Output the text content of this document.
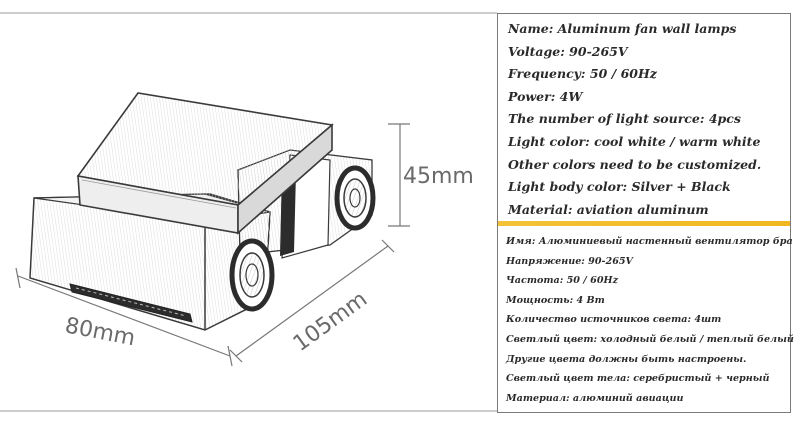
45mm
80mm	105mm
Name: Aluminum fan wall lamps
Voltage: 90-265V
Frequency: 50 / 60Hz
Power: 4W
The number of light source: 4pcs
Light color: cool white / warm white
Other colors need to be customized.
Light body color: Silver + Black
Material: aviation aluminum
Имя: Алюминиевый настенный вентилятор бра
Напряжение: 90-265V
Частота: 50 / 60Hz
Мощность: 4 Вт
Количество источников света: 4шт
Светлый цвет: холодный белый / теплый белый
Другие цвета должны быть настроены.
Светлый цвет тела: серебристый + черный
Материал: алюминий авиации
